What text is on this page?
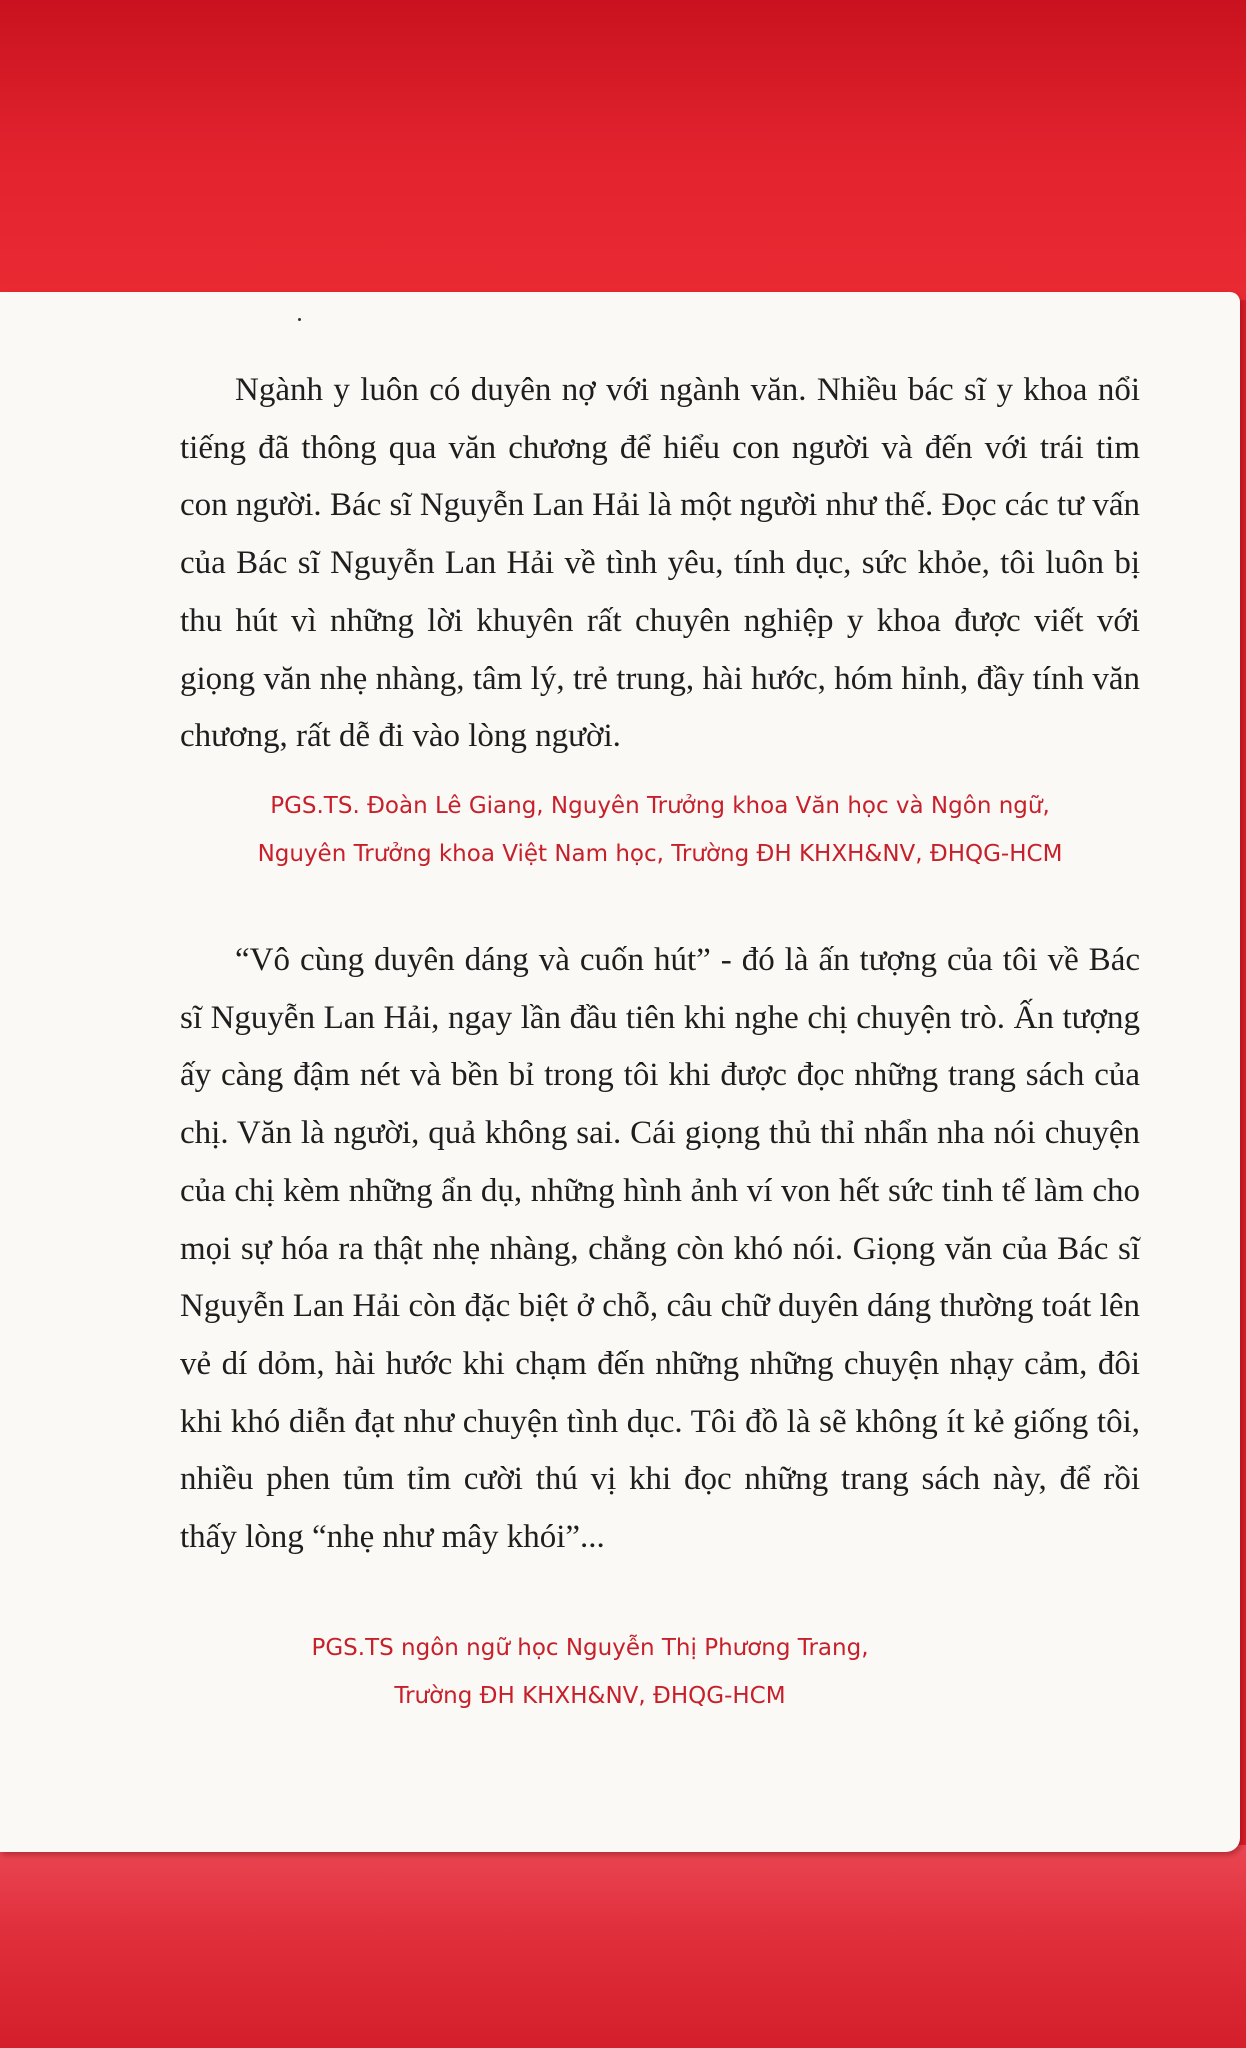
Ngành y luôn có duyên nợ với ngành văn. Nhiều bác sĩ y khoa nổi tiếng đã thông qua văn chương để hiểu con người và đến với trái tim con người. Bác sĩ Nguyễn Lan Hải là một người như thế. Đọc các tư vấn của Bác sĩ Nguyễn Lan Hải về tình yêu, tính dục, sức khỏe, tôi luôn bị thu hút vì những lời khuyên rất chuyên nghiệp y khoa được viết với giọng văn nhẹ nhàng, tâm lý, trẻ trung, hài hước, hóm hỉnh, đầy tính văn chương, rất dễ đi vào lòng người.

PGS.TS. Đoàn Lê Giang, Nguyên Trưởng khoa Văn học và Ngôn ngữ,
Nguyên Trưởng khoa Việt Nam học, Trường ĐH KHXH&NV, ĐHQG-HCM

“Vô cùng duyên dáng và cuốn hút” - đó là ấn tượng của tôi về Bác sĩ Nguyễn Lan Hải, ngay lần đầu tiên khi nghe chị chuyện trò. Ấn tượng ấy càng đậm nét và bền bỉ trong tôi khi được đọc những trang sách của chị. Văn là người, quả không sai. Cái giọng thủ thỉ nhẩn nha nói chuyện của chị kèm những ẩn dụ, những hình ảnh ví von hết sức tinh tế làm cho mọi sự hóa ra thật nhẹ nhàng, chẳng còn khó nói. Giọng văn của Bác sĩ Nguyễn Lan Hải còn đặc biệt ở chỗ, câu chữ duyên dáng thường toát lên vẻ dí dỏm, hài hước khi chạm đến những những chuyện nhạy cảm, đôi khi khó diễn đạt như chuyện tình dục. Tôi đồ là sẽ không ít kẻ giống tôi, nhiều phen tủm tỉm cười thú vị khi đọc những trang sách này, để rồi thấy lòng “nhẹ như mây khói”...

PGS.TS ngôn ngữ học Nguyễn Thị Phương Trang,
Trường ĐH KHXH&NV, ĐHQG-HCM
